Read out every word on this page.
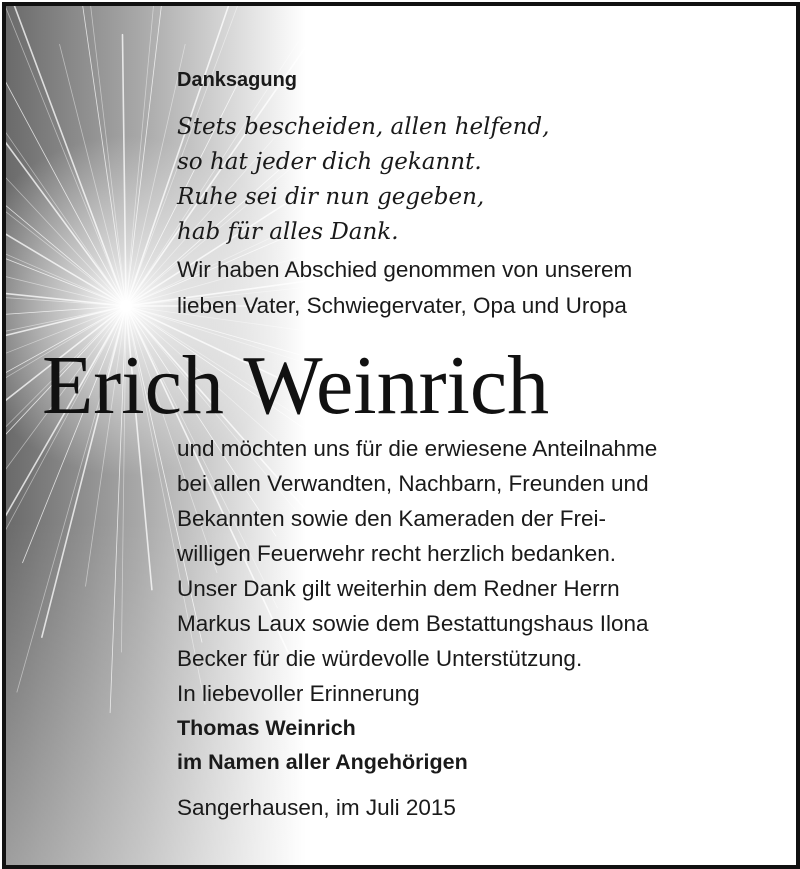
Danksagung
Stets bescheiden, allen helfend,
so hat jeder dich gekannt.
Ruhe sei dir nun gegeben,
hab für alles Dank.
Wir haben Abschied genommen von unserem
lieben Vater, Schwiegervater, Opa und Uropa
Erich Weinrich
und möchten uns für die erwiesene Anteilnahme
bei allen Verwandten, Nachbarn, Freunden und
Bekannten sowie den Kameraden der Frei-
willigen Feuerwehr recht herzlich bedanken.
Unser Dank gilt weiterhin dem Redner Herrn
Markus Laux sowie dem Bestattungshaus Ilona
Becker für die würdevolle Unterstützung.
In liebevoller Erinnerung
Thomas Weinrich
im Namen aller Angehörigen
Sangerhausen, im Juli 2015
